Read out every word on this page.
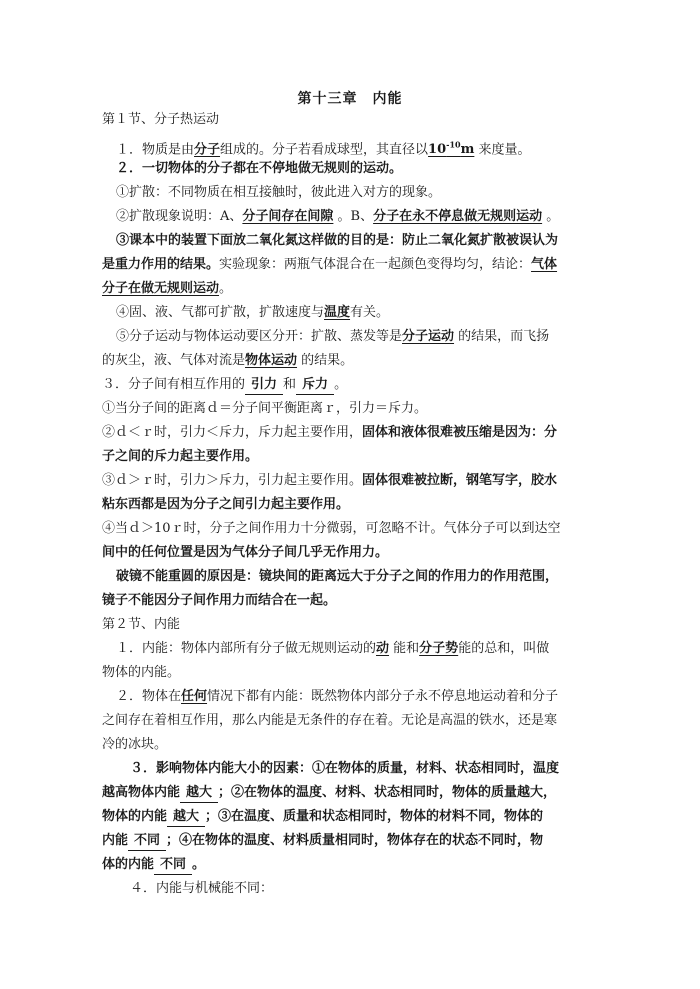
第十三章　内能
第１节、分子热运动
１．物质是由分子组成的。分子若看成球型，其直径以$10^{-10}m$ 来度量。
２．一切物体的分子都在不停地做无规则的运动。
①扩散：不同物质在相互接触时，彼此进入对方的现象。
②扩散现象说明：A、分子间存在间隙 。B、分子在永不停息做无规则运动 。
③课本中的装置下面放二氧化氮这样做的目的是：防止二氧化氮扩散被误认为
是重力作用的结果。实验现象：两瓶气体混合在一起颜色变得均匀，结论：气体
分子在做无规则运动。
④固、液、气都可扩散，扩散速度与温度有关。
⑤分子运动与物体运动要区分开：扩散、蒸发等是分子运动 的结果，而飞扬
的灰尘，液、气体对流是物体运动 的结果。
３．分子间有相互作用的 引力 和 斥力 。
①当分子间的距离ｄ＝分子间平衡距离ｒ，引力＝斥力。
②ｄ＜ｒ时，引力＜斥力，斥力起主要作用，固体和液体很难被压缩是因为：分
子之间的斥力起主要作用。
③ｄ＞ｒ时，引力＞斥力，引力起主要作用。固体很难被拉断，钢笔写字，胶水
粘东西都是因为分子之间引力起主要作用。
④当ｄ＞10ｒ时，分子之间作用力十分微弱，可忽略不计。气体分子可以到达空
间中的任何位置是因为气体分子间几乎无作用力。
破镜不能重圆的原因是：镜块间的距离远大于分子之间的作用力的作用范围，
镜子不能因分子间作用力而结合在一起。
第２节、内能
１．内能：物体内部所有分子做无规则运动的动 能和分子势能的总和，叫做
物体的内能。
２．物体在任何情况下都有内能：既然物体内部分子永不停息地运动着和分子
之间存在着相互作用，那么内能是无条件的存在着。无论是高温的铁水，还是寒
冷的冰块。
３．影响物体内能大小的因素：①在物体的质量，材料、状态相同时，温度
越高物体内能 越大 ；②在物体的温度、材料、状态相同时，物体的质量越大，
物体的内能 越大 ；③在温度、质量和状态相同时，物体的材料不同，物体的
内能 不同 ；④在物体的温度、材料质量相同时，物体存在的状态不同时，物
体的内能 不同 。
４．内能与机械能不同：
